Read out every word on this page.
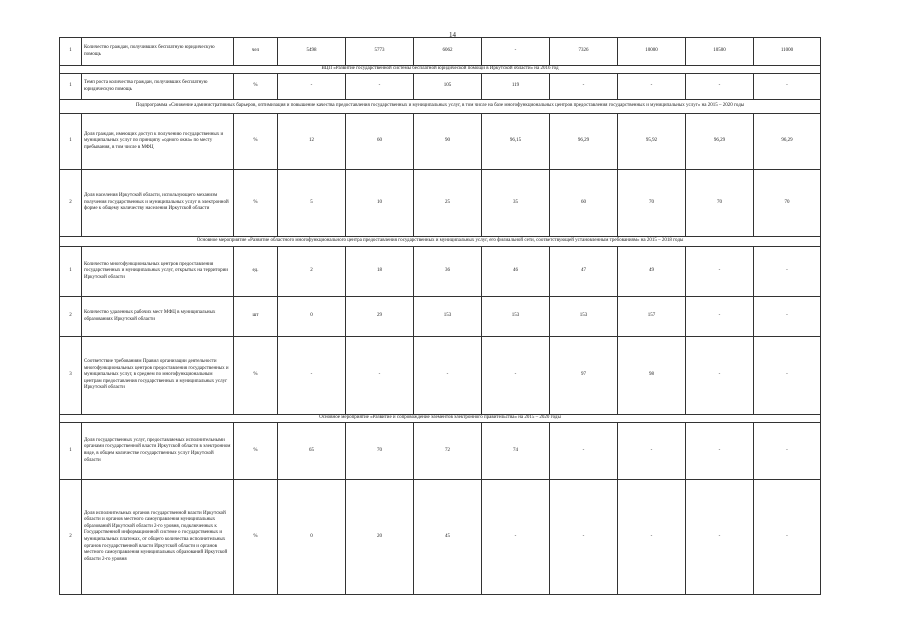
14
1	Количество граждан, получивших бесплатную юридическую помощь	чел	5498	5773	6062	-	7326	10000	10500	11000
ВЦП «Развитие государственной системы бесплатной юридической помощи в Иркутской области» на 2016 год										
1	Темп роста количества граждан, получивших бесплатную юридическую помощь	%	-	-	105	119	-	-	-	-
Подпрограмма «Снижение административных барьеров, оптимизация и повышение качества предоставления государственных и муниципальных услуг, в том числе на базе многофункциональных центров предоставления государственных и муниципальных услуг» на 2015 – 2020 годы										
1	Доля граждан, имеющих доступ к получению государственных и муниципальных услуг по принципу «одного окна» по месту пребывания, в том числе в МФЦ	%	12	60	90	96,15	96,29	95,92	96,29	96,29
2	Доля населения Иркутской области, использующего механизм получения государственных и муниципальных услуг в электронной форме к общему количеству населения Иркутской области	%	5	10	25	35	60	70	70	70
Основное мероприятие «Развитие областного многофункционального центра предоставления государственных и муниципальных услуг, его филиальной сети, соответствующей установленным требованиям» на 2015 – 2018 годы										
1	Количество многофункциональных центров предоставления государственных и муниципальных услуг, открытых на территории Иркутской области	ед.	2	18	36	46	47	49	-	-
2	Количество удаленных рабочих мест МФЦ в муниципальных образованиях Иркутской области	шт	0	29	153	153	153	157	-	-
3	Соответствие требованиям Правил организации деятельности многофункциональных центров предоставления государственных и муниципальных услуг, в среднем по многофункциональным центрам предоставления государственных и муниципальных услуг Иркутской области	%	-	-	-	-	97	98	-	-
Основное мероприятие «Развитие и сопровождение элементов электронного правительства» на 2015 – 2020 годы										
1	Доля государственных услуг, предоставляемых исполнительными органами государственной власти Иркутской области в электронном виде, в общем количестве государственных услуг Иркутской области	%	65	70	72	74	-	-	-	-
2	Доля исполнительных органов государственной власти Иркутской области и органов местного самоуправления муниципальных образований Иркутской области 2-го уровня, подключенных к Государственной информационной системе о государственных и муниципальных платежах, от общего количества исполнительных органов государственной власти Иркутской области и органов местного самоуправления муниципальных образований Иркутской области 2-го уровня	%	0	20	45	-	-	-	-	-
